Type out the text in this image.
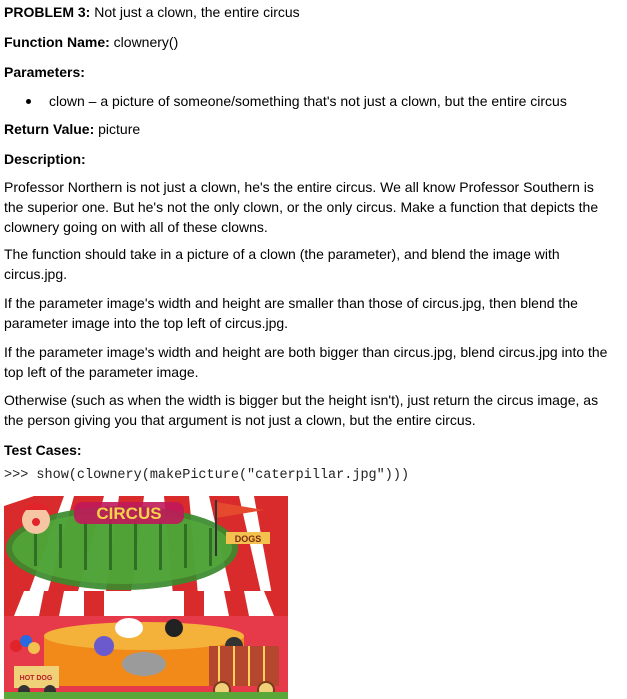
PROBLEM 3: Not just a clown, the entire circus

Function Name: clownery()

Parameters:

clown – a picture of someone/something that's not just a clown, but the entire circus

Return Value: picture

Description:

Professor Northern is not just a clown, he's the entire circus. We all know Professor Southern is the superior one. But he's not the only clown, or the only circus. Make a function that depicts the clownery going on with all of these clowns.

The function should take in a picture of a clown (the parameter), and blend the image with circus.jpg.

If the parameter image's width and height are smaller than those of circus.jpg, then blend the parameter image into the top left of circus.jpg.

If the parameter image's width and height are both bigger than circus.jpg, blend circus.jpg into the top left of the parameter image.

Otherwise (such as when the width is bigger but the height isn't), just return the circus image, as the person giving you that argument is not just a clown, but the entire circus.

Test Cases:

>>> show(clownery(makePicture("caterpillar.jpg")))

CIRCUS
DOGS
HOT DOG
